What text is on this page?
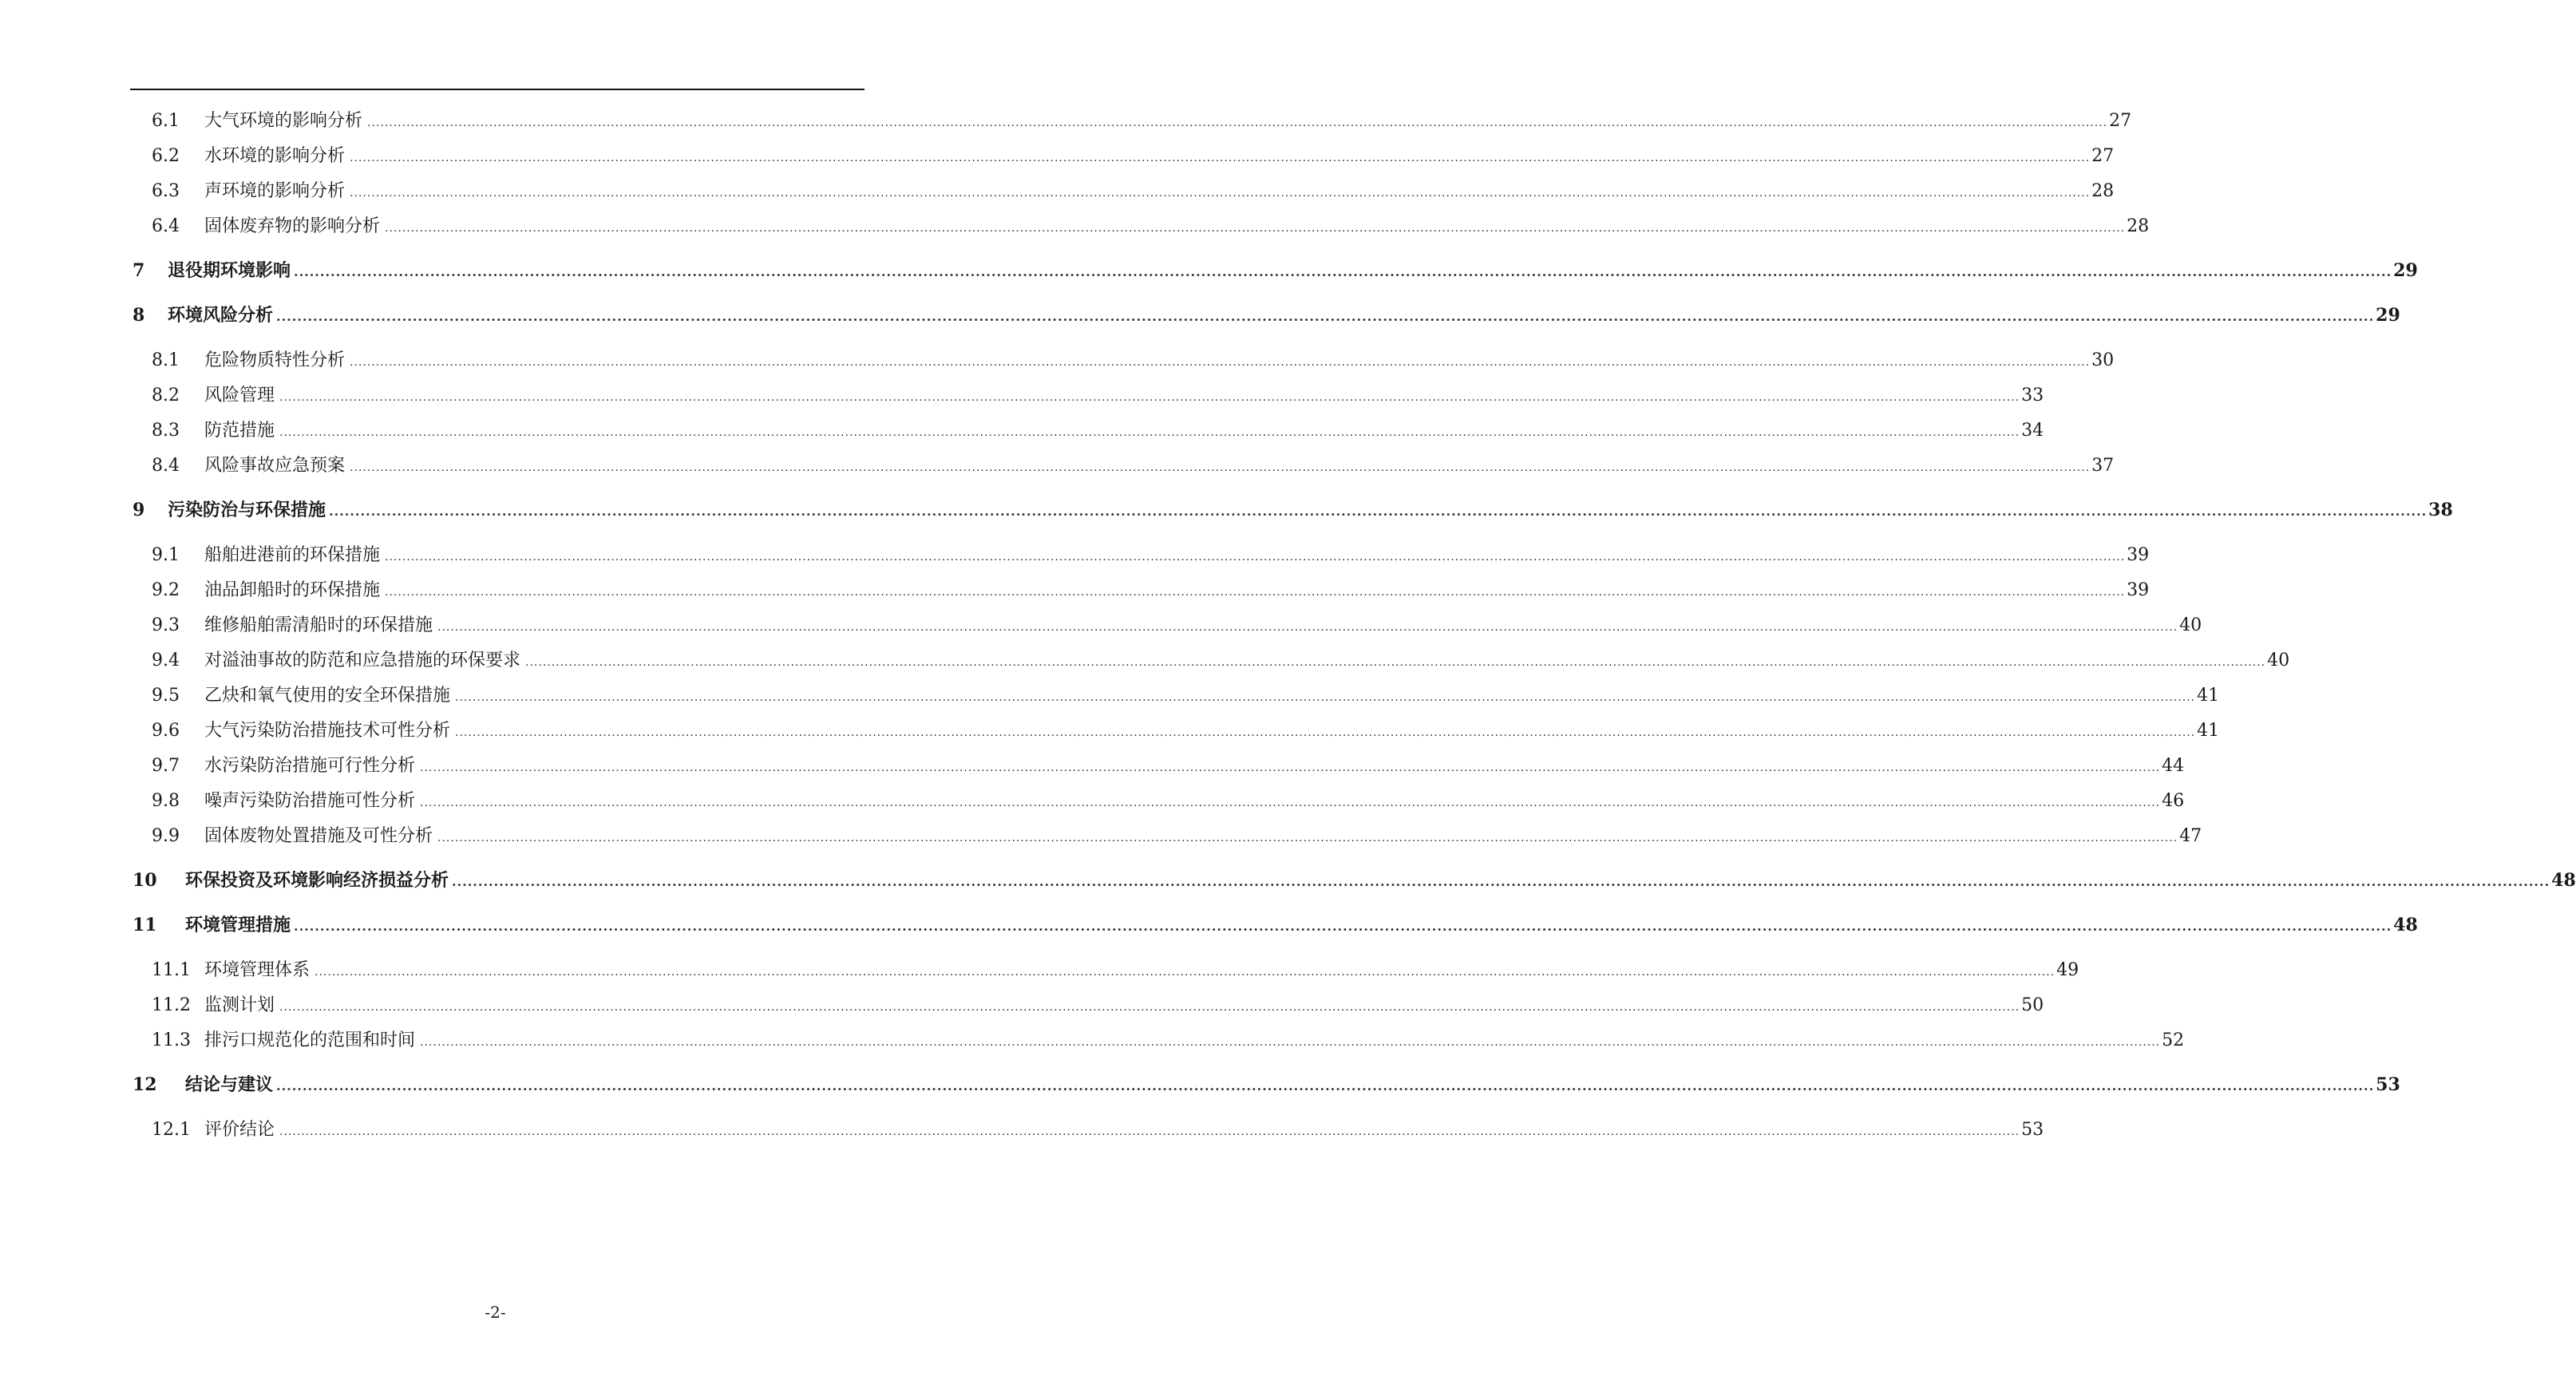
6.1	大气环境的影响分析 ................................................................................................................................................................................................................................................................................................................................................................................................................ 27
6.2	水环境的影响分析 ................................................................................................................................................................................................................................................................................................................................................................................................................ 27
6.3	声环境的影响分析 ................................................................................................................................................................................................................................................................................................................................................................................................................ 28
6.4	固体废弃物的影响分析 ................................................................................................................................................................................................................................................................................................................................................................................................................ 28
7	退役期环境影响 ................................................................................................................................................................................................................................................................................................................................................................................................................ 29
8	环境风险分析 ................................................................................................................................................................................................................................................................................................................................................................................................................ 29
8.1	危险物质特性分析 ................................................................................................................................................................................................................................................................................................................................................................................................................ 30
8.2	风险管理 ................................................................................................................................................................................................................................................................................................................................................................................................................ 33
8.3	防范措施 ................................................................................................................................................................................................................................................................................................................................................................................................................ 34
8.4	风险事故应急预案 ................................................................................................................................................................................................................................................................................................................................................................................................................ 37
9	污染防治与环保措施 ................................................................................................................................................................................................................................................................................................................................................................................................................ 38
9.1	船舶进港前的环保措施 ................................................................................................................................................................................................................................................................................................................................................................................................................ 39
9.2	油品卸船时的环保措施 ................................................................................................................................................................................................................................................................................................................................................................................................................ 39
9.3	维修船舶需清船时的环保措施 ................................................................................................................................................................................................................................................................................................................................................................................................................ 40
9.4	对溢油事故的防范和应急措施的环保要求 ................................................................................................................................................................................................................................................................................................................................................................................................................ 40
9.5	乙炔和氧气使用的安全环保措施 ................................................................................................................................................................................................................................................................................................................................................................................................................ 41
9.6	大气污染防治措施技术可性分析 ................................................................................................................................................................................................................................................................................................................................................................................................................ 41
9.7	水污染防治措施可行性分析 ................................................................................................................................................................................................................................................................................................................................................................................................................ 44
9.8	噪声污染防治措施可性分析 ................................................................................................................................................................................................................................................................................................................................................................................................................ 46
9.9	固体废物处置措施及可性分析 ................................................................................................................................................................................................................................................................................................................................................................................................................ 47
10	环保投资及环境影响经济损益分析 ................................................................................................................................................................................................................................................................................................................................................................................................................ 48
11	环境管理措施 ................................................................................................................................................................................................................................................................................................................................................................................................................ 48
11.1 环境管理体系 ................................................................................................................................................................................................................................................................................................................................................................................................................ 49
11.2 监测计划 ................................................................................................................................................................................................................................................................................................................................................................................................................ 50
11.3 排污口规范化的范围和时间 ................................................................................................................................................................................................................................................................................................................................................................................................................ 52
12	结论与建议 ................................................................................................................................................................................................................................................................................................................................................................................................................ 53
12.1 评价结论 ................................................................................................................................................................................................................................................................................................................................................................................................................ 53
-2-
